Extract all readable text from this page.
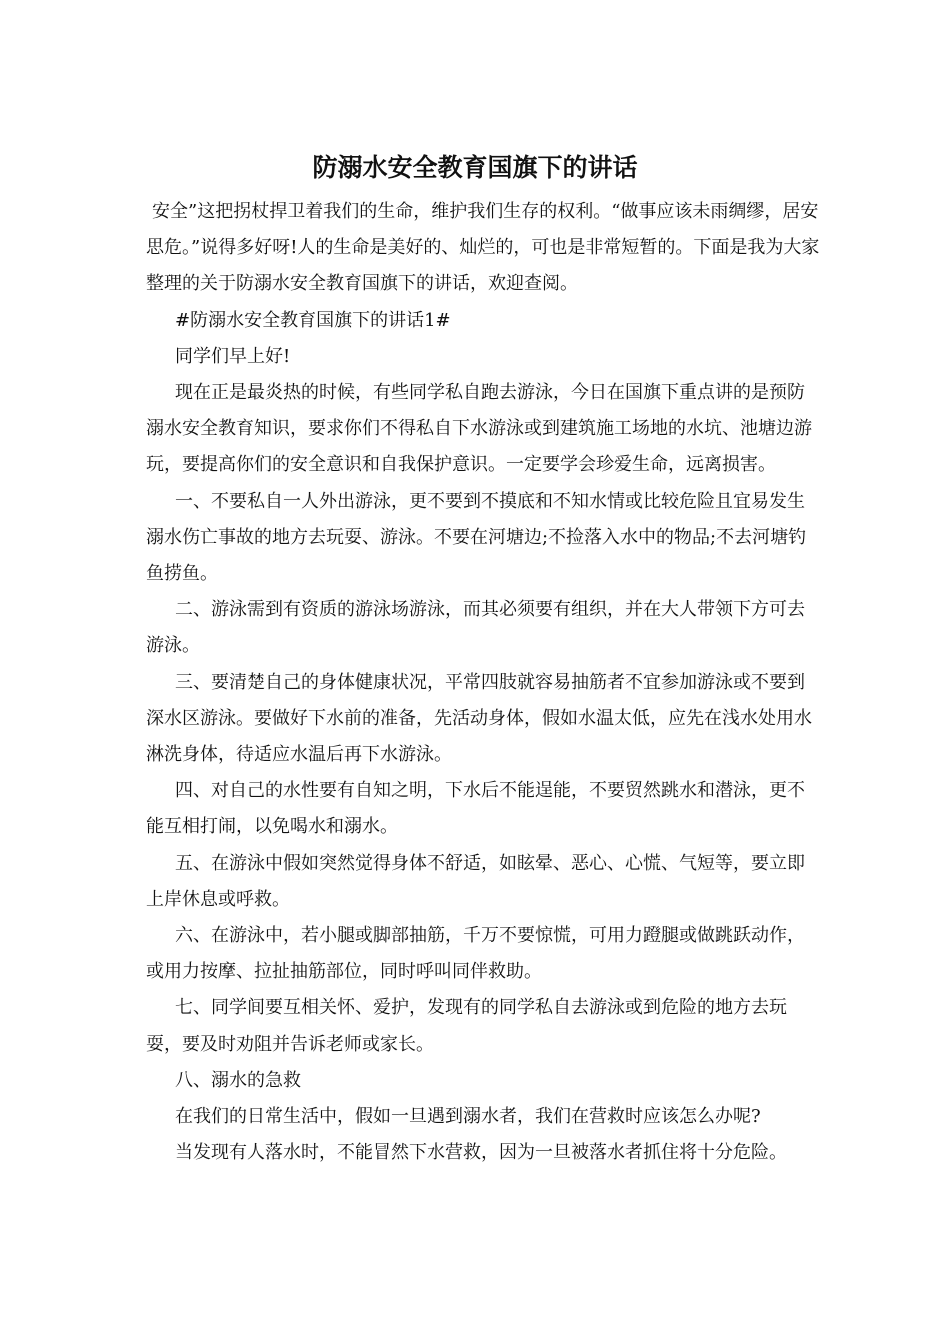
防溺水安全教育国旗下的讲话

安全”这把拐杖捍卫着我们的生命，维护我们生存的权利。“做事应该未雨绸缪，居安思危。”说得多好呀!人的生命是美好的、灿烂的，可也是非常短暂的。下面是我为大家整理的关于防溺水安全教育国旗下的讲话，欢迎查阅。

#防溺水安全教育国旗下的讲话1#

同学们早上好!

现在正是最炎热的时候，有些同学私自跑去游泳，今日在国旗下重点讲的是预防溺水安全教育知识，要求你们不得私自下水游泳或到建筑施工场地的水坑、池塘边游玩，要提高你们的安全意识和自我保护意识。一定要学会珍爱生命，远离损害。

一、不要私自一人外出游泳，更不要到不摸底和不知水情或比较危险且宜易发生溺水伤亡事故的地方去玩耍、游泳。不要在河塘边;不捡落入水中的物品;不去河塘钓鱼捞鱼。

二、游泳需到有资质的游泳场游泳，而其必须要有组织，并在大人带领下方可去游泳。

三、要清楚自己的身体健康状况，平常四肢就容易抽筋者不宜参加游泳或不要到深水区游泳。要做好下水前的准备，先活动身体，假如水温太低，应先在浅水处用水淋洗身体，待适应水温后再下水游泳。

四、对自己的水性要有自知之明，下水后不能逞能，不要贸然跳水和潜泳，更不能互相打闹，以免喝水和溺水。

五、在游泳中假如突然觉得身体不舒适，如眩晕、恶心、心慌、气短等，要立即上岸休息或呼救。

六、在游泳中，若小腿或脚部抽筋，千万不要惊慌，可用力蹬腿或做跳跃动作，或用力按摩、拉扯抽筋部位，同时呼叫同伴救助。

七、同学间要互相关怀、爱护，发现有的同学私自去游泳或到危险的地方去玩耍，要及时劝阻并告诉老师或家长。

八、溺水的急救

在我们的日常生活中，假如一旦遇到溺水者，我们在营救时应该怎么办呢?

当发现有人落水时，不能冒然下水营救，因为一旦被落水者抓住将十分危险。
